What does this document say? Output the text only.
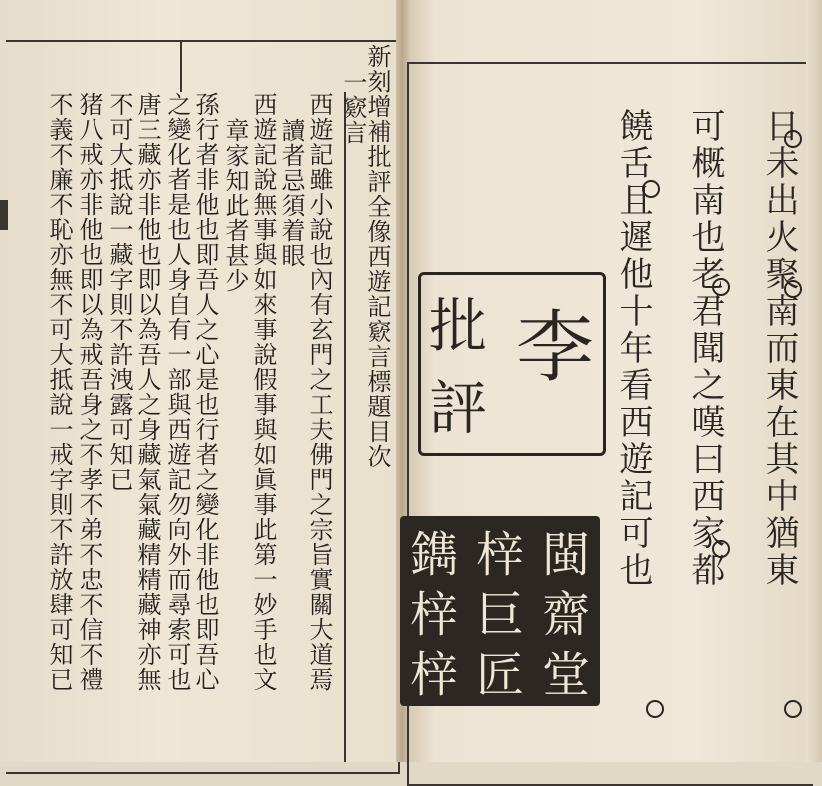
新刻增補批評全像西遊記窽言標題目次
一窽言
西遊記雖小說也內有玄門之工夫佛門之宗旨實關大道焉
讀者忌須着眼
西遊記說無事與如來事說假事與如眞事此第一妙手也文
章家知此者甚少
孫行者非他也即吾人之心是也行者之變化非他也即吾心
之變化者是也人身自有一部與西遊記勿向外而尋索可也
唐三藏亦非他也即以為吾人之身藏氣氣藏精精藏神亦無
不可大抵說一藏字則不許洩露可知已
猪八戒亦非他也即以為戒吾身之不孝不弟不忠不信不禮
不義不廉不恥亦無不可大抵說一戒字則不許放肆可知已	日未出火聚南而東在其中猶東
可概南也老君聞之嘆曰西家都
饒舌且遲他十年看西遊記可也
李
批
評
閩
齋
堂
梓
巨
匠
鐫
梓
梓
